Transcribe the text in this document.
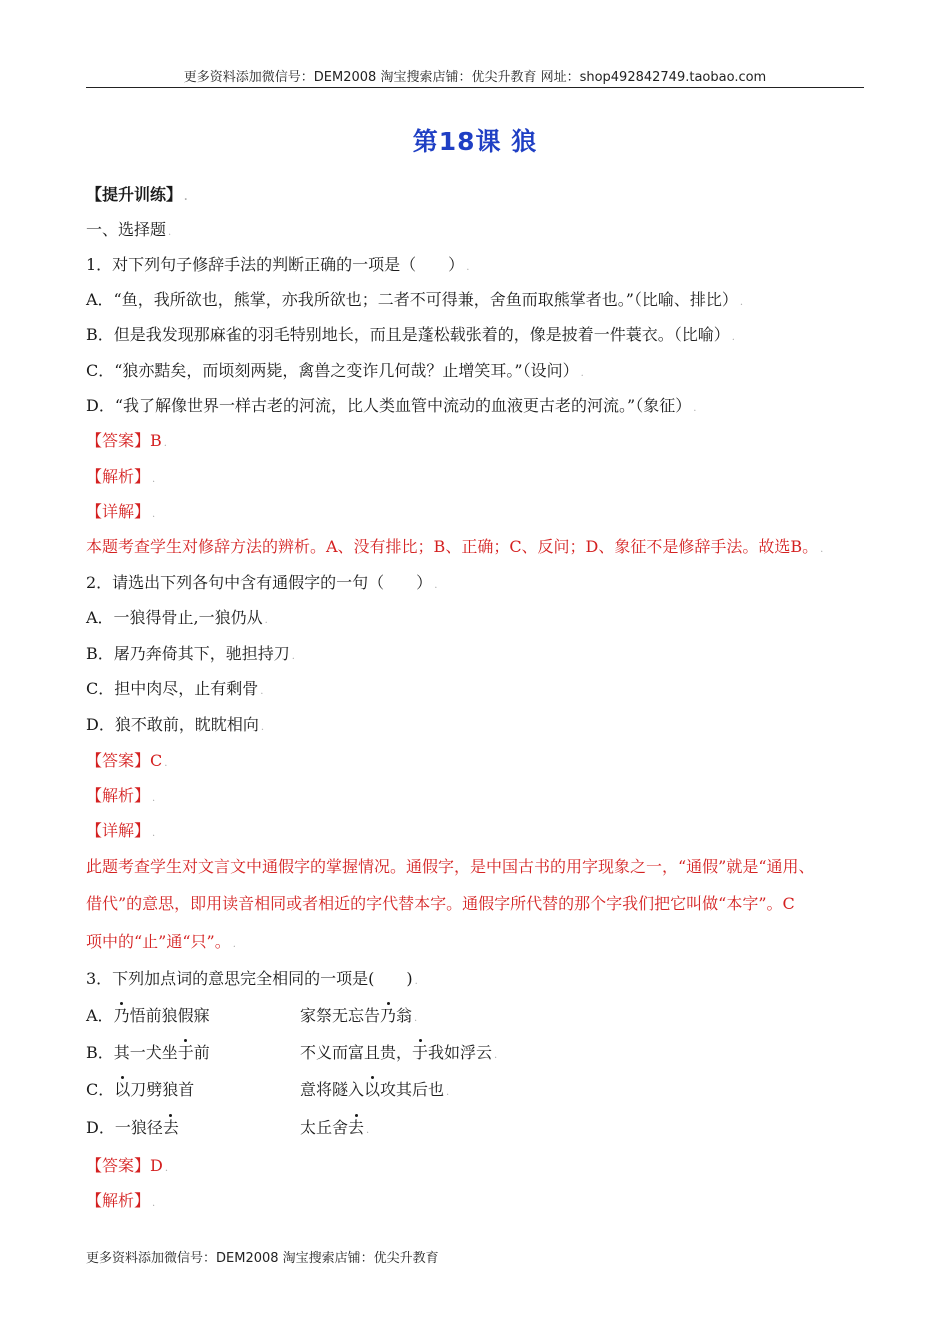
更多资料添加微信号：DEM2008 淘宝搜索店铺：优尖升教育 网址：shop492842749.taobao.com
第18课 狼
【提升训练】 .
一、选择题 .
1．对下列句子修辞手法的判断正确的一项是（　　） .
A．“鱼，我所欲也，熊掌，亦我所欲也；二者不可得兼，舍鱼而取熊掌者也。”（比喻、排比） .
B．但是我发现那麻雀的羽毛特别地长，而且是蓬松载张着的，像是披着一件蓑衣。（比喻） .
C．“狼亦黠矣，而顷刻两毙，禽兽之变诈几何哉？止增笑耳。”（设问） .
D．“我了解像世界一样古老的河流，比人类血管中流动的血液更古老的河流。”（象征） .
【答案】B .
【解析】 .
【详解】 .
本题考查学生对修辞方法的辨析。A、没有排比；B、正确；C、反问；D、象征不是修辞手法。故选B。 .
2．请选出下列各句中含有通假字的一句（　　） .
A．一狼得骨止,一狼仍从 .
B．屠乃奔倚其下，驰担持刀 .
C．担中肉尽，止有剩骨 .
D．狼不敢前，眈眈相向 .
【答案】C .
【解析】 .
【详解】 .
此题考查学生对文言文中通假字的掌握情况。通假字，是中国古书的用字现象之一，“通假”就是“通用、
借代”的意思，即用读音相同或者相近的字代替本字。通假字所代替的那个字我们把它叫做“本字”。C
项中的“止”通“只”。 .
3．下列加点词的意思完全相同的一项是(　　) .
A．乃悟前狼假寐	家祭无忘告乃翁 .
B．其一犬坐于前	不义而富且贵，于我如浮云 .
C．以刀劈狼首	意将隧入以攻其后也 .
D．一狼径去	太丘舍去 .
【答案】D .
【解析】 .
更多资料添加微信号：DEM2008 淘宝搜索店铺：优尖升教育
